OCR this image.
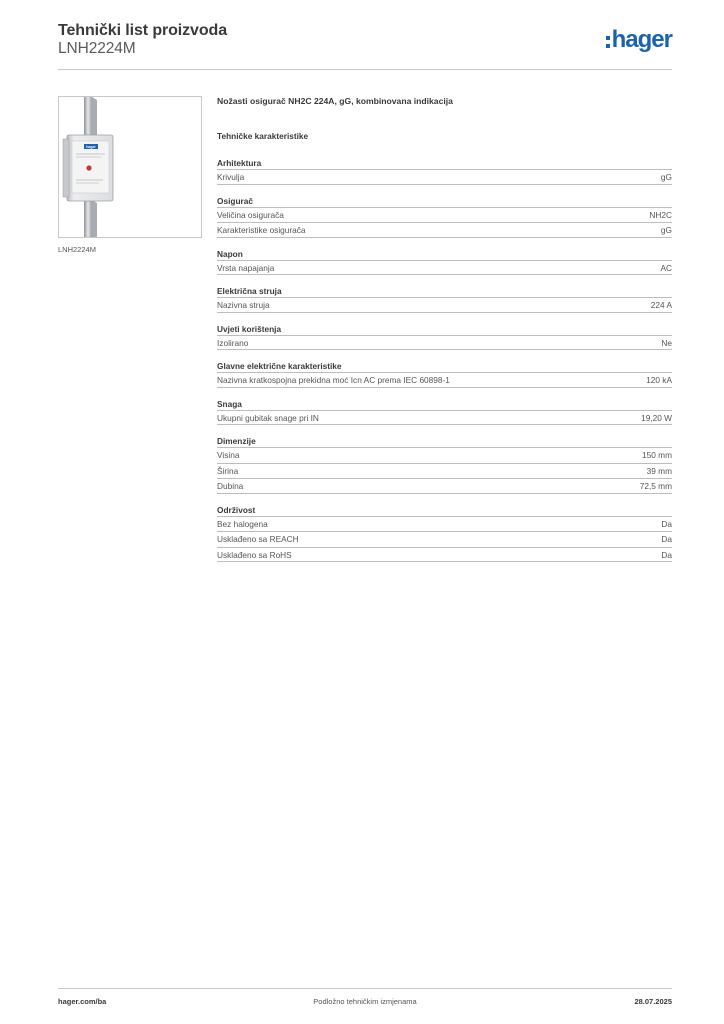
Tehnički list proizvoda
LNH2224M	hager
hager
LNH2224M
Nožasti osigurač NH2C 224A, gG, kombinovana indikacija
Tehničke karakteristike
Arhitektura
Krivulja	gG
Osigurač
Veličina osigurača	NH2C
Karakteristike osigurača	gG
Napon
Vrsta napajanja	AC
Električna struja
Nazivna struja	224 A
Uvjeti korištenja
Izolirano	Ne
Glavne električne karakteristike
Nazivna kratkospojna prekidna moć Icn AC prema IEC 60898-1	120 kA
Snaga
Ukupni gubitak snage pri IN	19,20 W
Dimenzije
Visina	150 mm
Širina	39 mm
Dubina	72,5 mm
Održivost
Bez halogena	Da
Usklađeno sa REACH	Da
Usklađeno sa RoHS	Da
hager.com/ba	Podložno tehničkim izmjenama	28.07.2025
